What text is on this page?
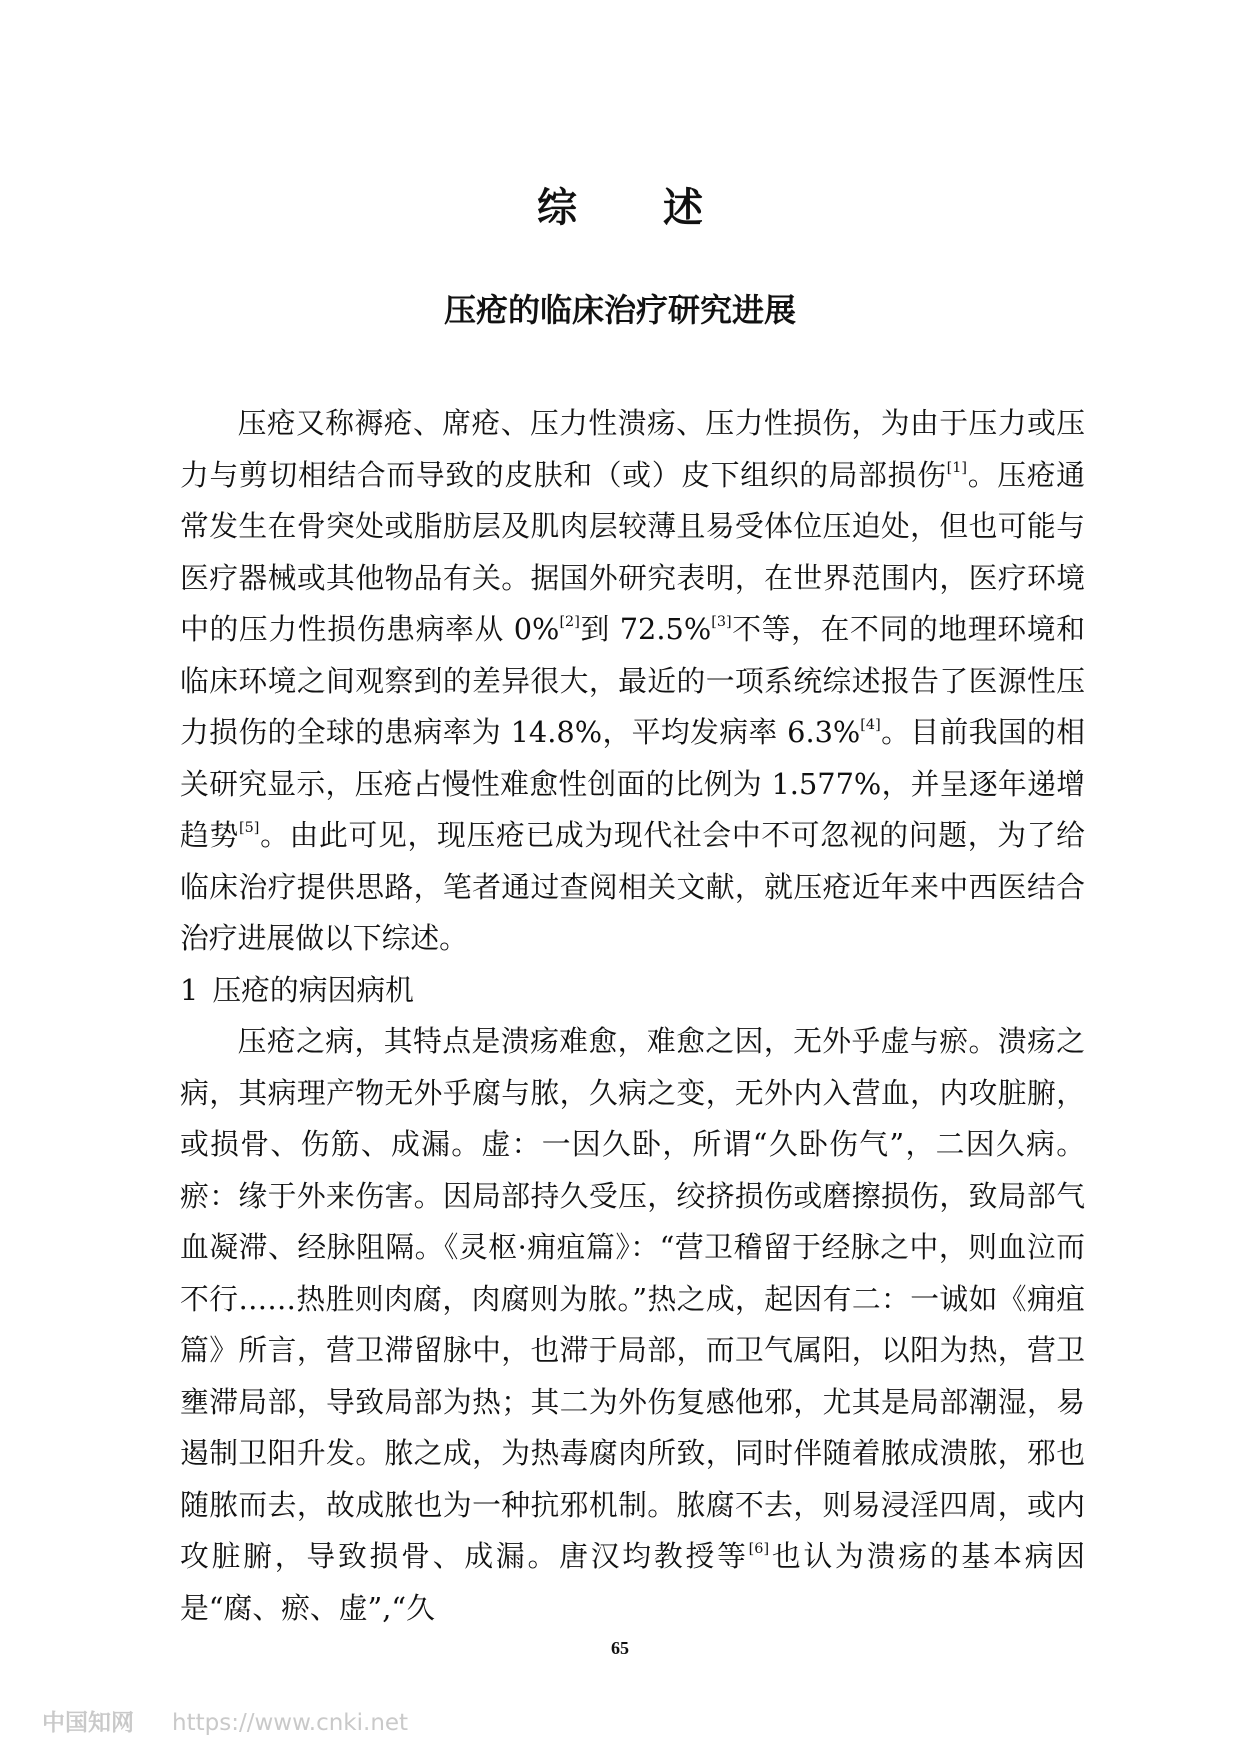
综 述
压疮的临床治疗研究进展

压疮又称褥疮、席疮、压力性溃疡、压力性损伤，为由于压力或压力与剪切相结合而导致的皮肤和（或）皮下组织的局部损伤[1]。压疮通常发生在骨突处或脂肪层及肌肉层较薄且易受体位压迫处，但也可能与医疗器械或其他物品有关。据国外研究表明，在世界范围内，医疗环境中的压力性损伤患病率从 0%[2]到 72.5%[3]不等，在不同的地理环境和临床环境之间观察到的差异很大，最近的一项系统综述报告了医源性压力损伤的全球的患病率为 14.8%，平均发病率 6.3%[4]。目前我国的相关研究显示，压疮占慢性难愈性创面的比例为 1.577%，并呈逐年递增趋势[5]。由此可见，现压疮已成为现代社会中不可忽视的问题，为了给临床治疗提供思路，笔者通过查阅相关文献，就压疮近年来中西医结合治疗进展做以下综述。

1 压疮的病因病机

压疮之病，其特点是溃疡难愈，难愈之因，无外乎虚与瘀。溃疡之病，其病理产物无外乎腐与脓，久病之变，无外内入营血，内攻脏腑，或损骨、伤筋、成漏。虚：一因久卧，所谓“久卧伤气”，二因久病。瘀：缘于外来伤害。因局部持久受压，绞挤损伤或磨擦损伤，致局部气血凝滞、经脉阻隔。《灵枢·痈疽篇》：“营卫稽留于经脉之中，则血泣而不行……热胜则肉腐，肉腐则为脓。”热之成，起因有二：一诚如《痈疽篇》所言，营卫滞留脉中，也滞于局部，而卫气属阳，以阳为热，营卫壅滞局部，导致局部为热；其二为外伤复感他邪，尤其是局部潮湿，易遏制卫阳升发。脓之成，为热毒腐肉所致，同时伴随着脓成溃脓，邪也随脓而去，故成脓也为一种抗邪机制。脓腐不去，则易浸淫四周，或内攻脏腑，导致损骨、成漏。唐汉均教授等[6]也认为溃疡的基本病因是“腐、瘀、虚”,“久

65
中国知网 https://www.cnki.net
